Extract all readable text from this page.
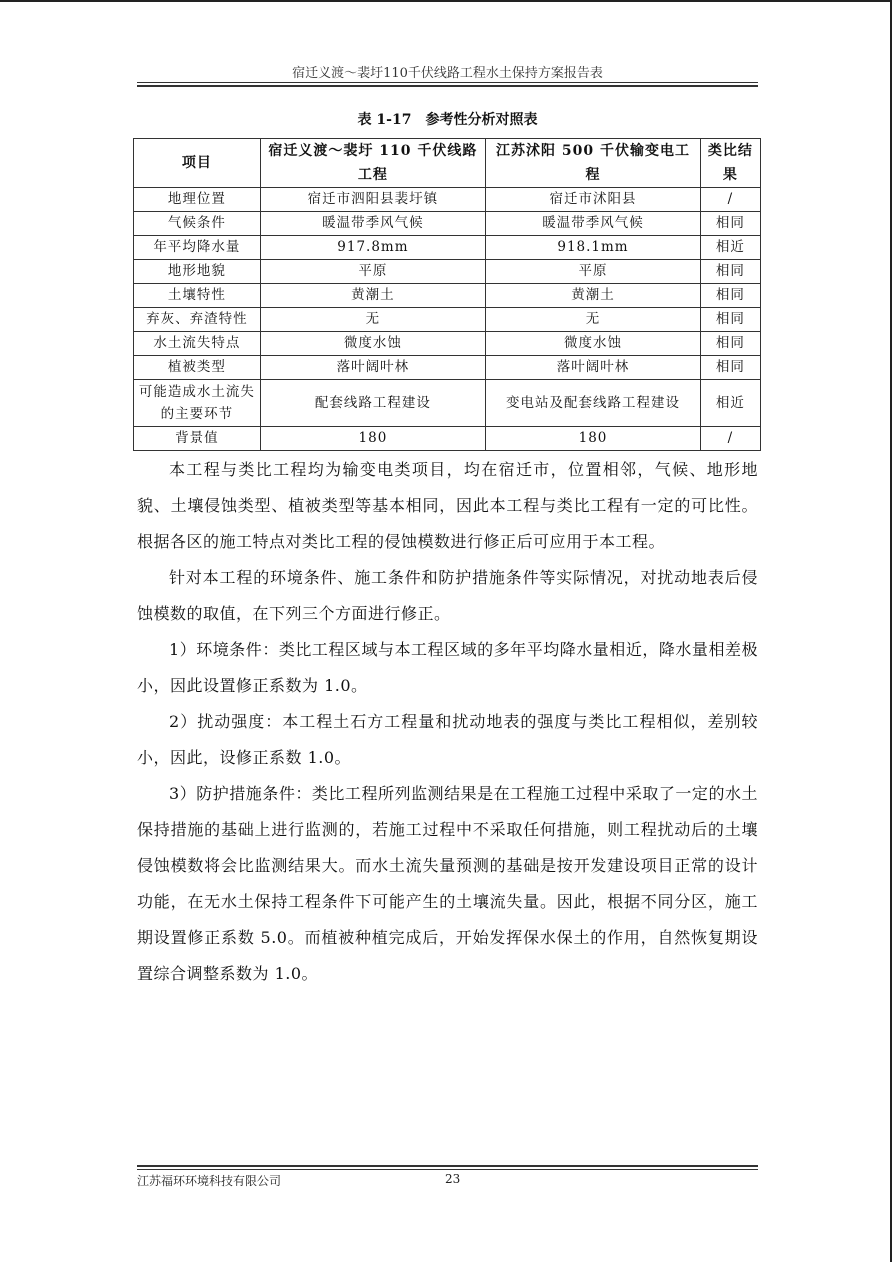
宿迁义渡～裴圩110千伏线路工程水土保持方案报告表
表 1-17　参考性分析对照表
项目	宿迁义渡～裴圩 110 千伏线路工程	江苏沭阳 500 千伏输变电工程	类比结果
地理位置	宿迁市泗阳县裴圩镇	宿迁市沭阳县	/
气候条件	暖温带季风气候	暖温带季风气候	相同
年平均降水量	917.8mm	918.1mm	相近
地形地貌	平原	平原	相同
土壤特性	黄潮土	黄潮土	相同
弃灰、弃渣特性	无	无	相同
水土流失特点	微度水蚀	微度水蚀	相同
植被类型	落叶阔叶林	落叶阔叶林	相同
可能造成水土流失的主要环节	配套线路工程建设	变电站及配套线路工程建设	相近
背景值	180	180	/

本工程与类比工程均为输变电类项目，均在宿迁市，位置相邻，气候、地形地貌、土壤侵蚀类型、植被类型等基本相同，因此本工程与类比工程有一定的可比性。根据各区的施工特点对类比工程的侵蚀模数进行修正后可应用于本工程。

针对本工程的环境条件、施工条件和防护措施条件等实际情况，对扰动地表后侵蚀模数的取值，在下列三个方面进行修正。

1）环境条件：类比工程区域与本工程区域的多年平均降水量相近，降水量相差极小，因此设置修正系数为 1.0。

2）扰动强度：本工程土石方工程量和扰动地表的强度与类比工程相似，差别较小，因此，设修正系数 1.0。

3）防护措施条件：类比工程所列监测结果是在工程施工过程中采取了一定的水土保持措施的基础上进行监测的，若施工过程中不采取任何措施，则工程扰动后的土壤侵蚀模数将会比监测结果大。而水土流失量预测的基础是按开发建设项目正常的设计功能，在无水土保持工程条件下可能产生的土壤流失量。因此，根据不同分区，施工期设置修正系数 5.0。而植被种植完成后，开始发挥保水保土的作用，自然恢复期设置综合调整系数为 1.0。

江苏福环环境科技有限公司	23
